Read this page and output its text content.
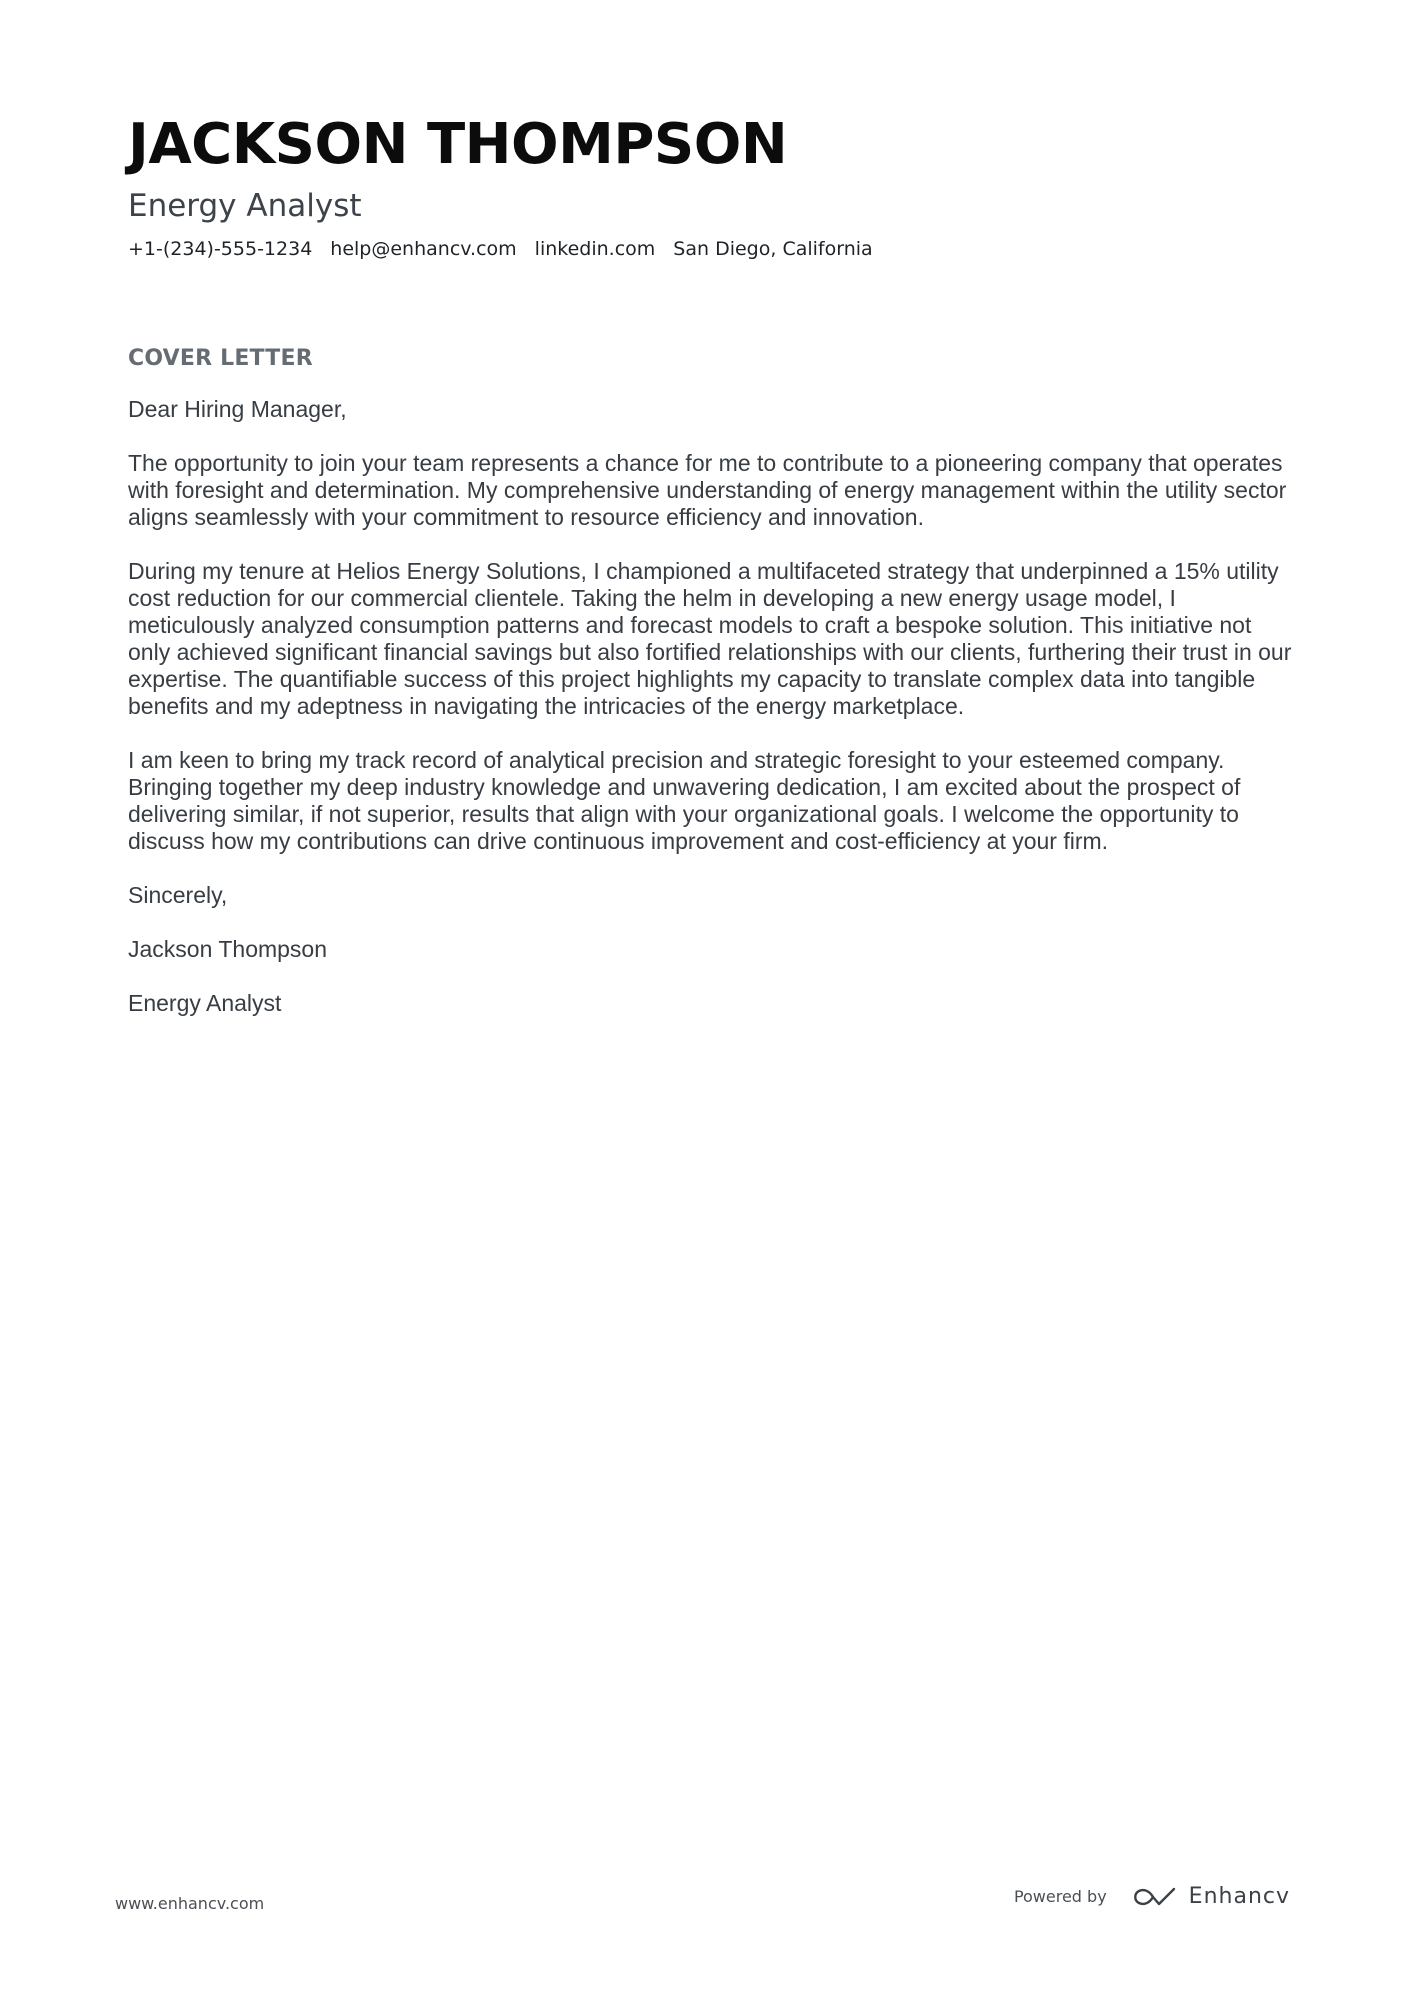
JACKSON THOMPSON
Energy Analyst
+1-(234)-555-1234 help@enhancv.com linkedin.com San Diego, California
COVER LETTER

Dear Hiring Manager,

The opportunity to join your team represents a chance for me to contribute to a pioneering company that operates with foresight and determination. My comprehensive understanding of energy management within the utility sector aligns seamlessly with your commitment to resource efficiency and innovation.

During my tenure at Helios Energy Solutions, I championed a multifaceted strategy that underpinned a 15% utility cost reduction for our commercial clientele. Taking the helm in developing a new energy usage model, I meticulously analyzed consumption patterns and forecast models to craft a bespoke solution. This initiative not only achieved significant financial savings but also fortified relationships with our clients, furthering their trust in our expertise. The quantifiable success of this project highlights my capacity to translate complex data into tangible benefits and my adeptness in navigating the intricacies of the energy marketplace.

I am keen to bring my track record of analytical precision and strategic foresight to your esteemed company. Bringing together my deep industry knowledge and unwavering dedication, I am excited about the prospect of delivering similar, if not superior, results that align with your organizational goals. I welcome the opportunity to discuss how my contributions can drive continuous improvement and cost-efficiency at your firm.

Sincerely,

Jackson Thompson

Energy Analyst

www.enhancv.com	Powered by	Enhancv
